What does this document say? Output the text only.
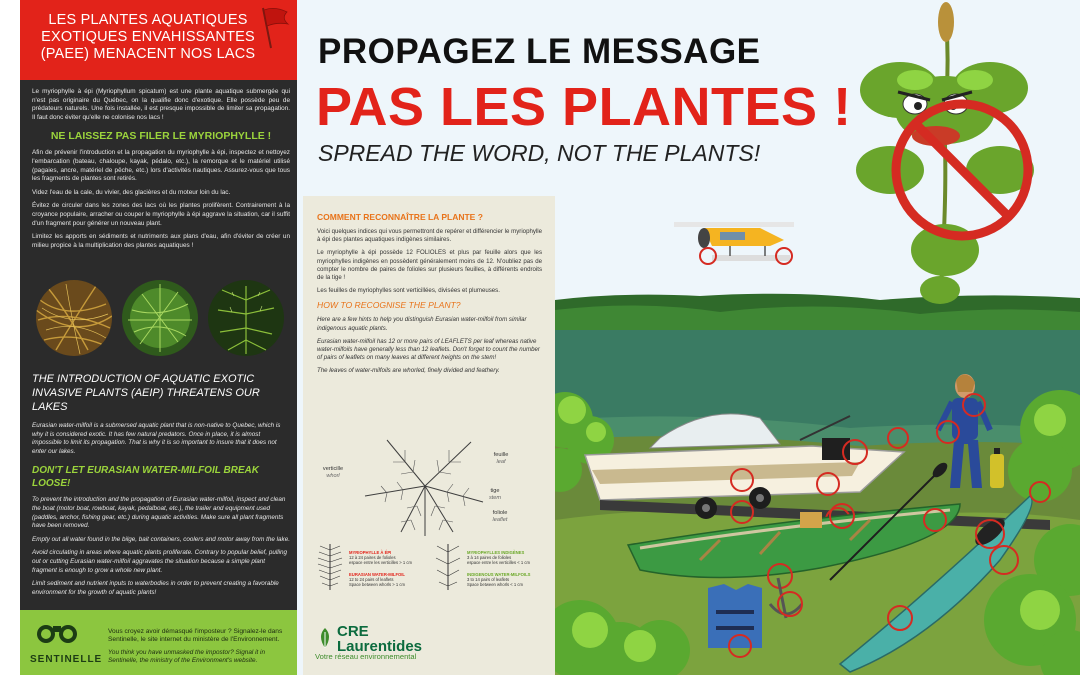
LES PLANTES AQUATIQUES EXOTIQUES ENVAHISSANTES (PAEE) MENACENT NOS LACS
Le myriophylle à épi (Myriophyllum spicatum) est une plante aquatique submergée qui n'est pas originaire du Québec, on la qualifie donc d'exotique. Elle possède peu de prédateurs naturels. Une fois installée, il est presque impossible de limiter sa propagation. Il faut donc éviter qu'elle ne colonise nos lacs !
NE LAISSEZ PAS FILER LE MYRIOPHYLLE !
Afin de prévenir l'introduction et la propagation du myriophylle à épi, inspectez et nettoyez l'embarcation (bateau, chaloupe, kayak, pédalo, etc.), la remorque et le matériel utilisé (pagaies, ancre, matériel de pêche, etc.) lors d'activités nautiques. Assurez-vous que tous les fragments de plantes sont retirés.
Videz l'eau de la cale, du vivier, des glacières et du moteur loin du lac.
Évitez de circuler dans les zones des lacs où les plantes prolifèrent. Contrairement à la croyance populaire, arracher ou couper le myriophylle à épi aggrave la situation, car il suffit d'un fragment pour générer un nouveau plant.
Limitez les apports en sédiments et nutriments aux plans d'eau, afin d'éviter de créer un milieu propice à la multiplication des plantes aquatiques !
THE INTRODUCTION OF AQUATIC EXOTIC INVASIVE PLANTS (AEIP) THREATENS OUR LAKES
Eurasian water-milfoil is a submersed aquatic plant that is non-native to Quebec, which is why it is considered exotic. It has few natural predators. Once in place, it is almost impossible to limit its propagation. That is why it is so important to insure that it does not enter our lakes.
DON'T LET EURASIAN WATER-MILFOIL BREAK LOOSE!
To prevent the introduction and the propagation of Eurasian water-milfoil, inspect and clean the boat (motor boat, rowboat, kayak, pedalboat, etc.), the trailer and equipment used (paddles, anchor, fishing gear, etc.) during aquatic activities. Make sure all plant fragments have been removed.
Empty out all water found in the bilge, bait containers, coolers and motor away from the lake.
Avoid circulating in areas where aquatic plants proliferate. Contrary to popular belief, pulling out or cutting Eurasian water-milfoil aggravates the situation because a simple plant fragment is enough to grow a whole new plant.
Limit sediment and nutrient inputs to waterbodies in order to prevent creating a favorable environment for the growth of aquatic plants!
SENTINELLE
Vous croyez avoir démasqué l'imposteur ? Signalez-le dans Sentinelle, le site internet du ministère de l'Environnement.
You think you have unmasked the impostor? Signal it in Sentinelle, the ministry of the Environment's website.
PROPAGEZ LE MESSAGE
PAS LES PLANTES !
SPREAD THE WORD, NOT THE PLANTS!
COMMENT RECONNAÎTRE LA PLANTE ?
Voici quelques indices qui vous permettront de repérer et différencier le myriophylle à épi des plantes aquatiques indigènes similaires.
Le myriophylle à épi possède 12 FOLIOLES et plus par feuille alors que les myriophylles indigènes en possèdent généralement moins de 12. N'oubliez pas de compter le nombre de paires de folioles sur plusieurs feuilles, à différents endroits de la tige !
Les feuilles de myriophylles sont verticillées, divisées et plumeuses.
HOW TO RECOGNISE THE PLANT?
Here are a few hints to help you distinguish Eurasian water-milfoil from similar indigenous aquatic plants.
Eurasian water-milfoil has 12 or more pairs of LEAFLETS per leaf whereas native water-milfoils have generally less than 12 leaflets. Don't forget to count the number of pairs of leaflets on many leaves at different heights on the stem!
The leaves of water-milfoils are whorled, finely divided and feathery.
verticille
whorl
feuille
leaf
tige
stem
foliole
leaflet
MYRIOPHYLLE À ÉPI
12 à 24 paires de folioles
espace entre les verticilles > 1 cm
EURASIAN WATER-MILFOIL
12 to 24 pairs of leaflets
Space between whorls > 1 cm
MYRIOPHYLLES INDIGÈNES
3 à 14 paires de folioles
espace entre les verticilles < 1 cm
INDIGENOUS WATER-MILFOILS
3 to 14 pairs of leaflets
Space between whorls < 1 cm
CRE
Laurentides
Votre réseau environnemental
